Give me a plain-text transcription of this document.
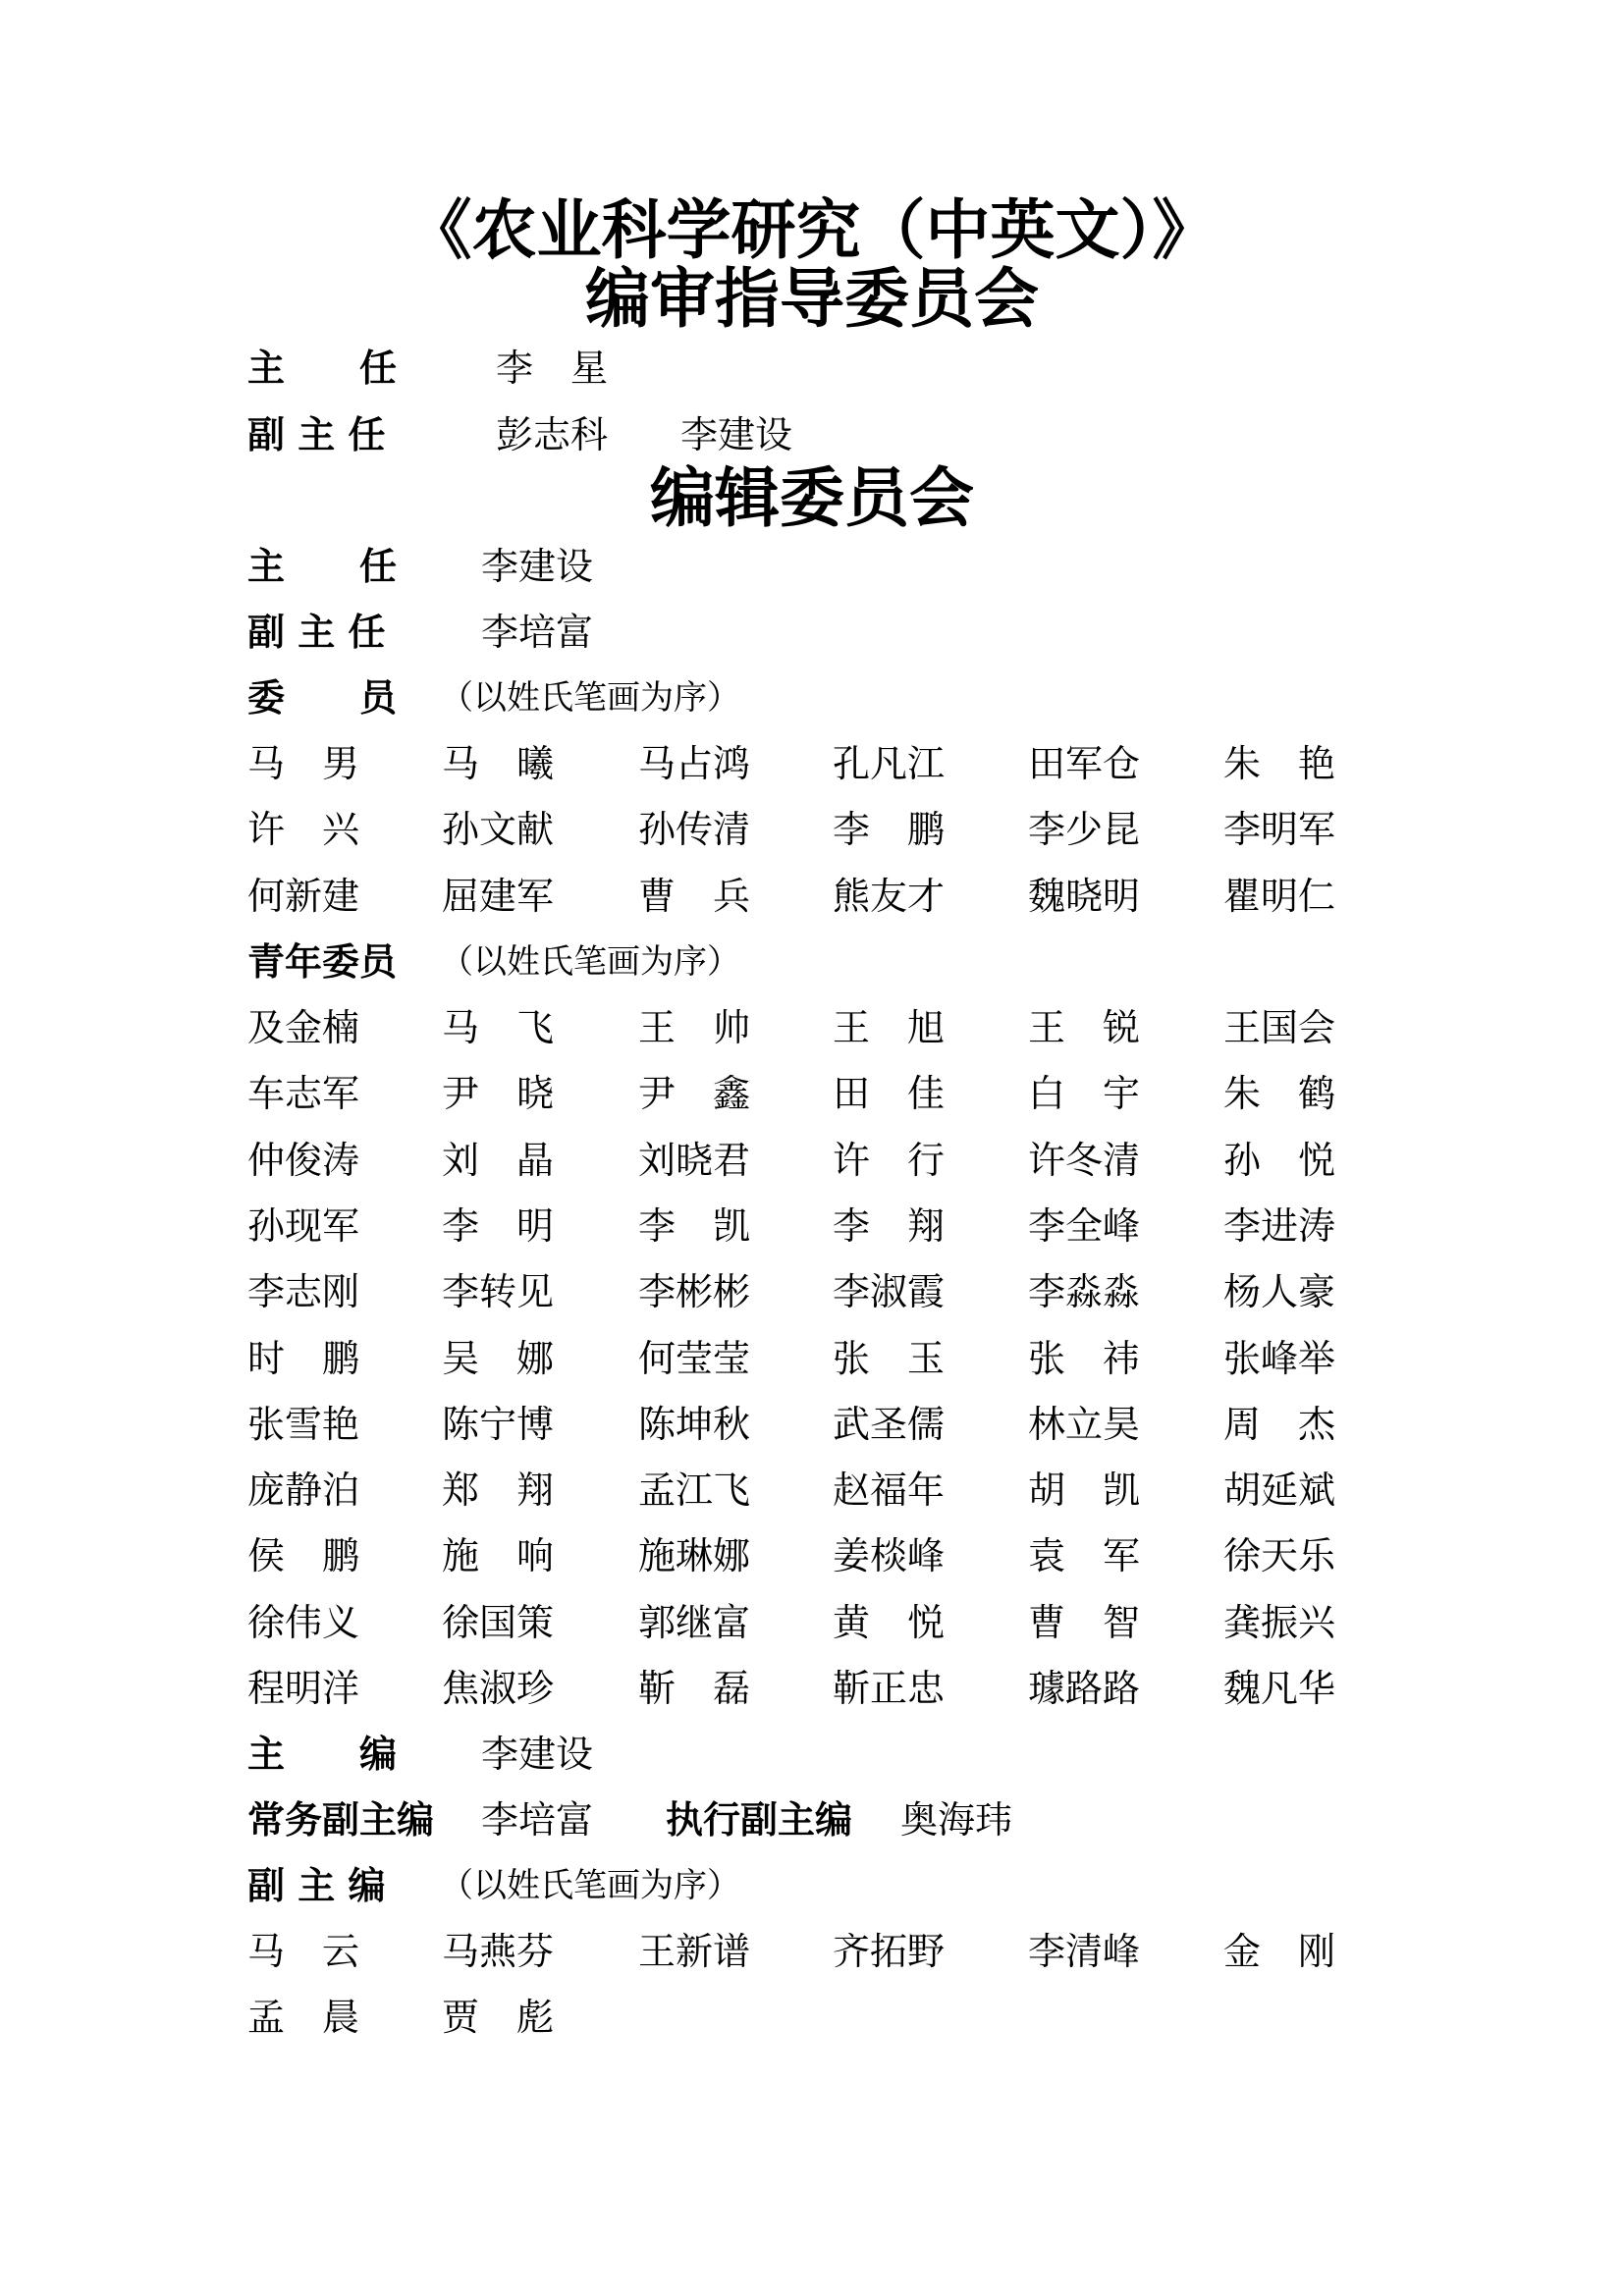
《农业科学研究（中英文）》
编审指导委员会
主　　任	李　星
副 主 任	彭志科 李建设
编辑委员会
主　　任 李建设
副 主 任	李培富
委　　员 （以姓氏笔画为序）
马　男 马　曦 马占鸿 孔凡江 田军仓 朱　艳
许　兴 孙文献 孙传清 李　鹏 李少昆 李明军
何新建 屈建军 曹　兵 熊友才 魏晓明 瞿明仁
青年委员 （以姓氏笔画为序）
及金楠 马　飞 王　帅 王　旭 王　锐 王国会
车志军 尹　晓 尹　鑫 田　佳 白　宇 朱　鹤
仲俊涛 刘　晶 刘晓君 许　行 许冬清 孙　悦
孙现军 李　明 李　凯 李　翔 李全峰 李进涛
李志刚 李转见 李彬彬 李淑霞 李淼淼 杨人豪
时　鹏 吴　娜 何莹莹 张　玉 张　祎 张峰举
张雪艳 陈宁博 陈坤秋 武圣儒 林立昊 周　杰
庞静泊 郑　翔 孟江飞 赵福年 胡　凯 胡延斌
侯　鹏 施　响 施琳娜 姜棪峰 袁　军 徐天乐
徐伟义 徐国策 郭继富 黄　悦 曹　智 龚振兴
程明洋 焦淑珍 靳　磊 靳正忠 璩路路 魏凡华
主　　编 李建设
常务副主编 李培富 执行副主编 奥海玮
副 主 编 （以姓氏笔画为序）
马　云 马燕芬 王新谱 齐拓野 李清峰 金　刚
孟　晨 贾　彪
